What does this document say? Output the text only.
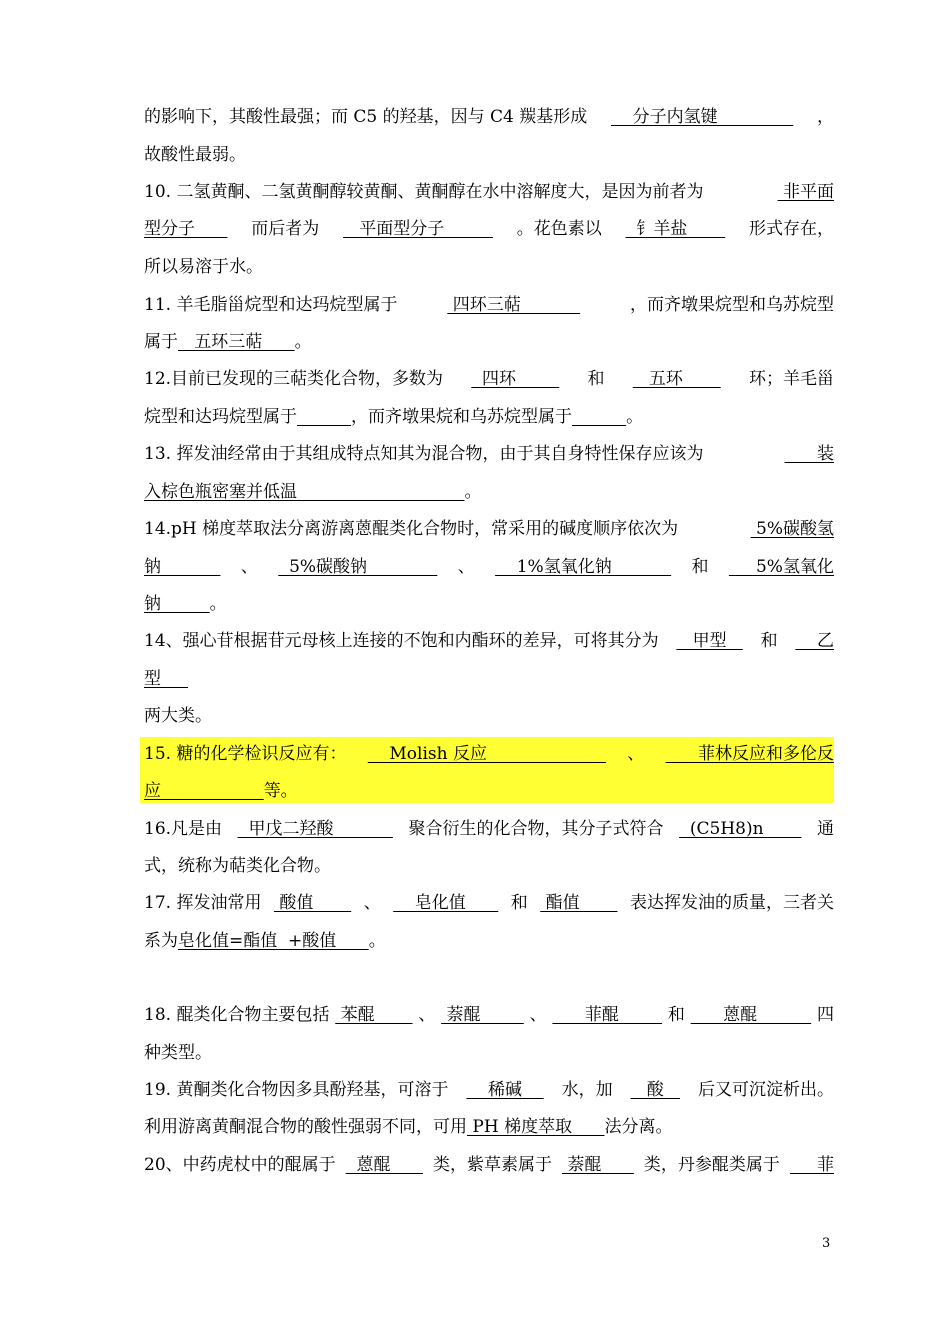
的影响下，其酸性最强；而 C5 的羟基，因与 C4 羰基形成 分子内氢键 ，
故酸性最弱。
10. 二氢黄酮、二氢黄酮醇较黄酮、黄酮醇在水中溶解度大，是因为前者为	非平面
型分子 而后者为 平面型分子 。花色素以 钅羊盐 形式存在，
所以易溶于水。
11. 羊毛脂甾烷型和达玛烷型属于	四环三萜	，而齐墩果烷型和乌苏烷型
属于   五环三萜      。
12.目前已发现的三萜类化合物，多数为 四环 和 五环 环；羊毛甾
烷型和达玛烷型属于	，而齐墩果烷和乌苏烷型属于	。
13. 挥发油经常由于其组成特点知其为混合物，由于其自身特性保存应该为	装
入棕色瓶密塞并低温                               。
14.pH 梯度萃取法分离游离蒽醌类化合物时，常采用的碱度顺序依次为	5%碳酸氢
钠 、 5%碳酸钠 、 1%氢氧化钠 和 5%氢氧化
钠         。
14、强心苷根据苷元母核上连接的不饱和内酯环的差异，可将其分为 甲型 和 乙
型
两大类。
15. 糖的化学检识反应有： Molish 反应 、 菲林反应和多伦反
应                   等。
16.凡是由 甲戊二羟酸 聚合衍生的化合物，其分子式符合 (C5H8)n 通
式，统称为萜类化合物。
17. 挥发油常用 酸值 、 皂化值 和 酯值 表达挥发油的质量，三者关
系为皂化值=酯值  +酸值      。
18. 醌类化合物主要包括 苯醌 、 萘醌 、 菲醌 和 蒽醌 四
种类型。
19. 黄酮类化合物因多具酚羟基，可溶于 稀碱 水，加 酸 后又可沉淀析出。
利用游离黄酮混合物的酸性强弱不同，可用 PH 梯度萃取      法分离。
20、中药虎杖中的醌属于 蒽醌 类，紫草素属于 萘醌 类，丹参醌类属于 菲
3
